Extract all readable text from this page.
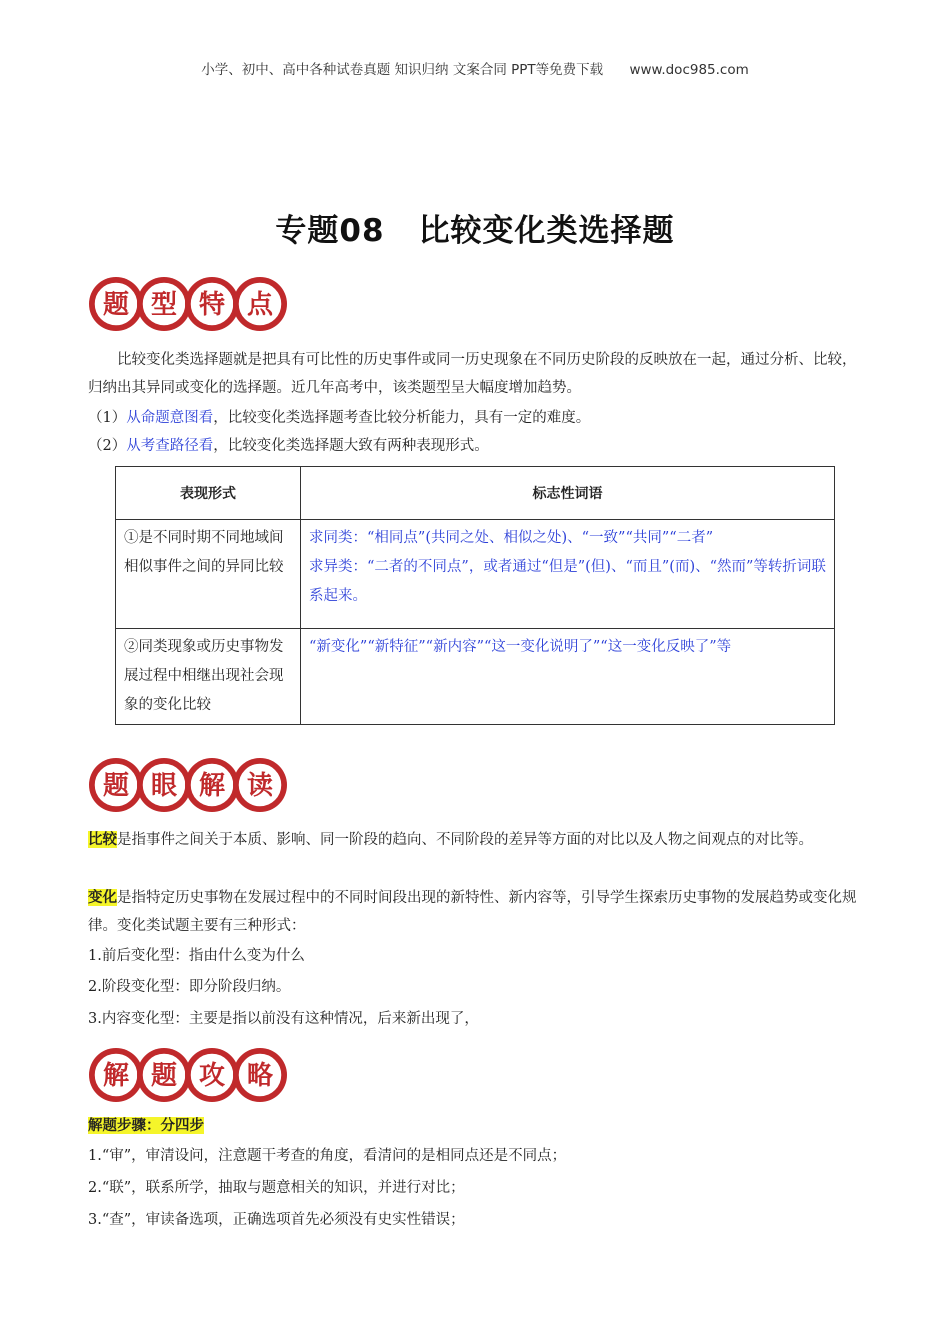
小学、初中、高中各种试卷真题 知识归纳 文案合同 PPT等免费下载 www.doc985.com
专题08 比较变化类选择题
题 型 特 点
比较变化类选择题就是把具有可比性的历史事件或同一历史现象在不同历史阶段的反映放在一起，通过分析、比较，归纳出其异同或变化的选择题。近几年高考中，该类题型呈大幅度增加趋势。
（1）从命题意图看，比较变化类选择题考查比较分析能力，具有一定的难度。
（2）从考查路径看，比较变化类选择题大致有两种表现形式。
表现形式	标志性词语
①是不同时期不同地域间相似事件之间的异同比较	求同类：“相同点”(共同之处、相似之处)、“一致”“共同”“二者”
求异类：“二者的不同点”，或者通过“但是”(但)、“而且”(而)、“然而”等转折词联系起来。

②同类现象或历史事物发展过程中相继出现社会现象的变化比较	“新变化”“新特征”“新内容”“这一变化说明了”“这一变化反映了”等
题 眼 解 读
比较是指事件之间关于本质、影响、同一阶段的趋向、不同阶段的差异等方面的对比以及人物之间观点的对比等。
变化是指特定历史事物在发展过程中的不同时间段出现的新特性、新内容等，引导学生探索历史事物的发展趋势或变化规律。变化类试题主要有三种形式：
1.前后变化型：指由什么变为什么
2.阶段变化型：即分阶段归纳。
3.内容变化型：主要是指以前没有这种情况，后来新出现了，
解 题 攻 略
解题步骤：分四步
1.“审”，审清设问，注意题干考查的角度，看清问的是相同点还是不同点；
2.“联”，联系所学，抽取与题意相关的知识，并进行对比；
3.“查”，审读备选项，正确选项首先必须没有史实性错误；
